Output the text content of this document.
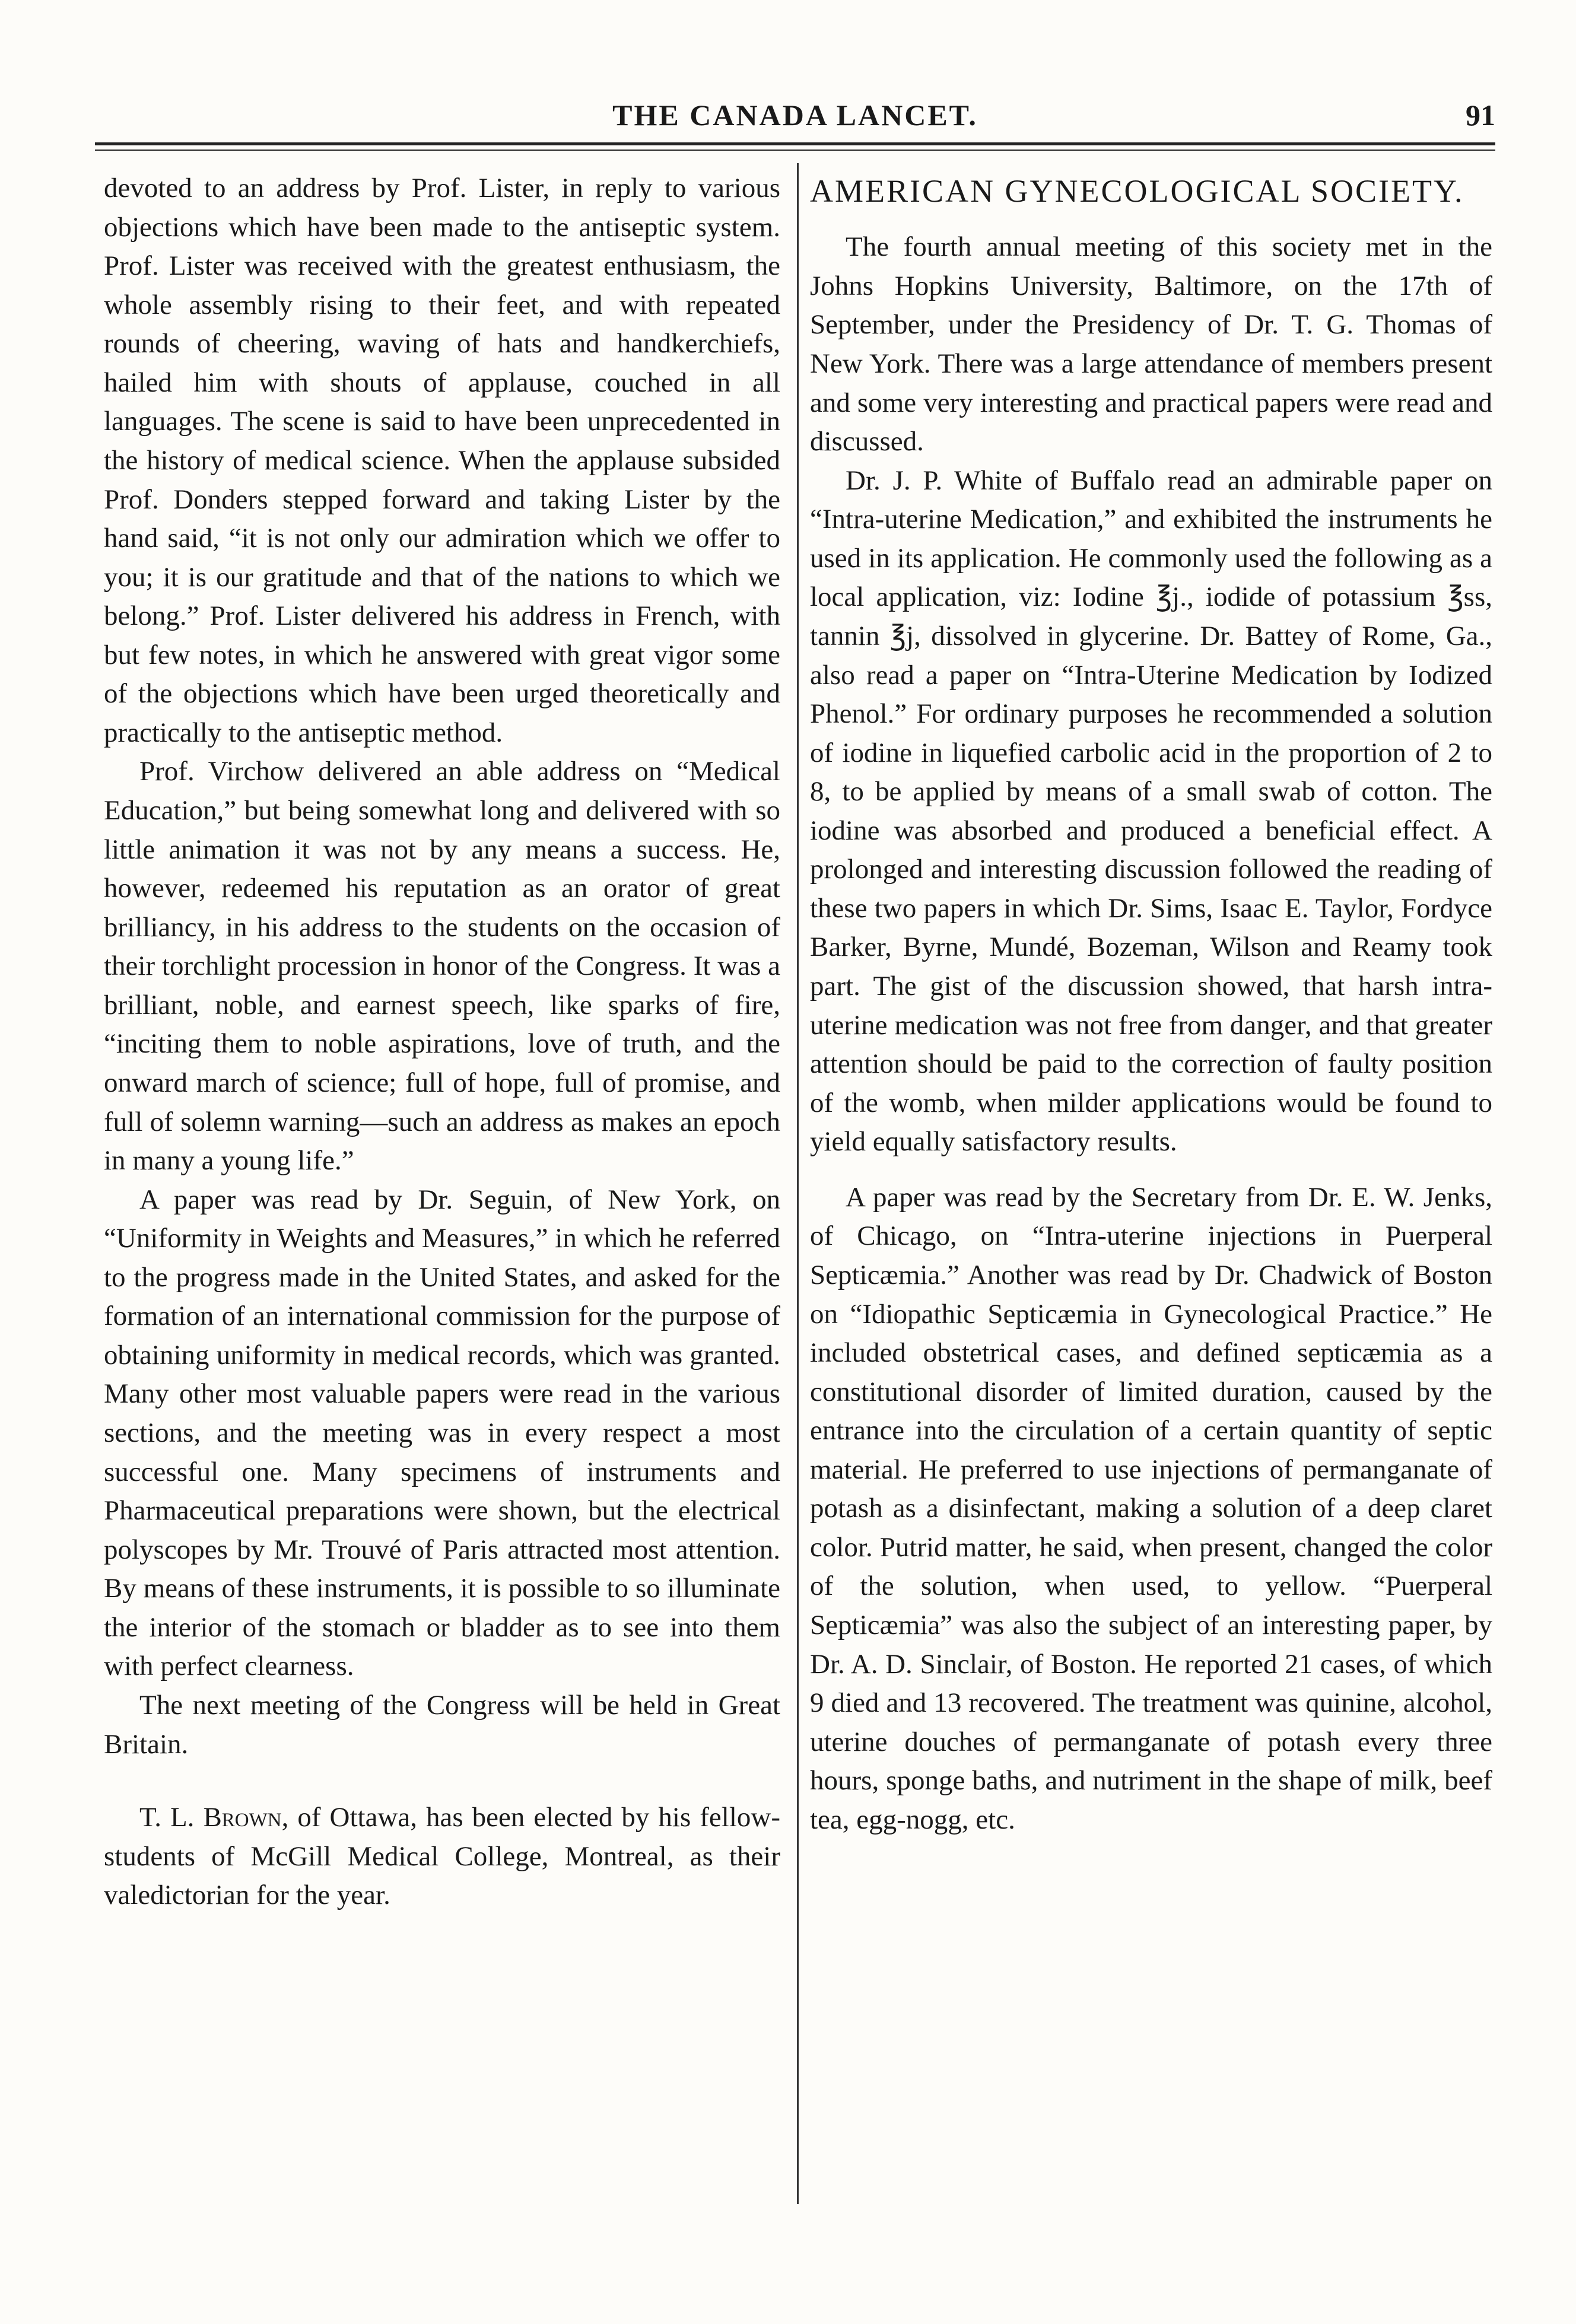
THE CANADA LANCET.	91

devoted to an address by Prof. Lister, in reply to various objections which have been made to the antiseptic system. Prof. Lister was received with the greatest enthusiasm, the whole assembly rising to their feet, and with repeated rounds of cheering, waving of hats and handkerchiefs, hailed him with shouts of applause, couched in all languages. The scene is said to have been unprecedented in the history of medical science. When the applause subsided Prof. Donders stepped forward and taking Lister by the hand said, “it is not only our admiration which we offer to you; it is our gratitude and that of the nations to which we belong.” Prof. Lister delivered his address in French, with but few notes, in which he answered with great vigor some of the objections which have been urged theoretically and practically to the antiseptic method.

Prof. Virchow delivered an able address on “Medical Education,” but being somewhat long and delivered with so little animation it was not by any means a success. He, however, redeemed his reputation as an orator of great brilliancy, in his address to the students on the occasion of their torchlight procession in honor of the Congress. It was a brilliant, noble, and earnest speech, like sparks of fire, “inciting them to noble aspirations, love of truth, and the onward march of science; full of hope, full of promise, and full of solemn warning—such an address as makes an epoch in many a young life.”

A paper was read by Dr. Seguin, of New York, on “Uniformity in Weights and Measures,” in which he referred to the progress made in the United States, and asked for the formation of an international commission for the purpose of obtaining uniformity in medical records, which was granted. Many other most valuable papers were read in the various sections, and the meeting was in every respect a most successful one. Many specimens of instruments and Pharmaceutical preparations were shown, but the electrical polyscopes by Mr. Trouvé of Paris attracted most attention. By means of these instruments, it is possible to so illuminate the interior of the stomach or bladder as to see into them with perfect clearness.

The next meeting of the Congress will be held in Great Britain.

T. L. Brown, of Ottawa, has been elected by his fellow-students of McGill Medical College, Montreal, as their valedictorian for the year.

AMERICAN GYNECOLOGICAL SOCIETY.

The fourth annual meeting of this society met in the Johns Hopkins University, Baltimore, on the 17th of September, under the Presidency of Dr. T. G. Thomas of New York. There was a large attendance of members present and some very interesting and practical papers were read and discussed.

Dr. J. P. White of Buffalo read an admirable paper on “Intra-uterine Medication,” and exhibited the instruments he used in its application. He commonly used the following as a local application, viz: Iodine ℥j., iodide of potassium ℥ss, tannin ℥j, dissolved in glycerine. Dr. Battey of Rome, Ga., also read a paper on “Intra-Uterine Medication by Iodized Phenol.” For ordinary purposes he recommended a solution of iodine in liquefied carbolic acid in the proportion of 2 to 8, to be applied by means of a small swab of cotton. The iodine was absorbed and produced a beneficial effect. A prolonged and interesting discussion followed the reading of these two papers in which Dr. Sims, Isaac E. Taylor, Fordyce Barker, Byrne, Mundé, Bozeman, Wilson and Reamy took part. The gist of the discussion showed, that harsh intra-uterine medication was not free from danger, and that greater attention should be paid to the correction of faulty position of the womb, when milder applications would be found to yield equally satisfactory results.

A paper was read by the Secretary from Dr. E. W. Jenks, of Chicago, on “Intra-uterine injections in Puerperal Septicæmia.” Another was read by Dr. Chadwick of Boston on “Idiopathic Septicæmia in Gynecological Practice.” He included obstetrical cases, and defined septicæmia as a constitutional disorder of limited duration, caused by the entrance into the circulation of a certain quantity of septic material. He preferred to use injections of permanganate of potash as a disinfectant, making a solution of a deep claret color. Putrid matter, he said, when present, changed the color of the solution, when used, to yellow. “Puerperal Septicæmia” was also the subject of an interesting paper, by Dr. A. D. Sinclair, of Boston. He reported 21 cases, of which 9 died and 13 recovered. The treatment was quinine, alcohol, uterine douches of permanganate of potash every three hours, sponge baths, and nutriment in the shape of milk, beef tea, egg-nogg, etc.
